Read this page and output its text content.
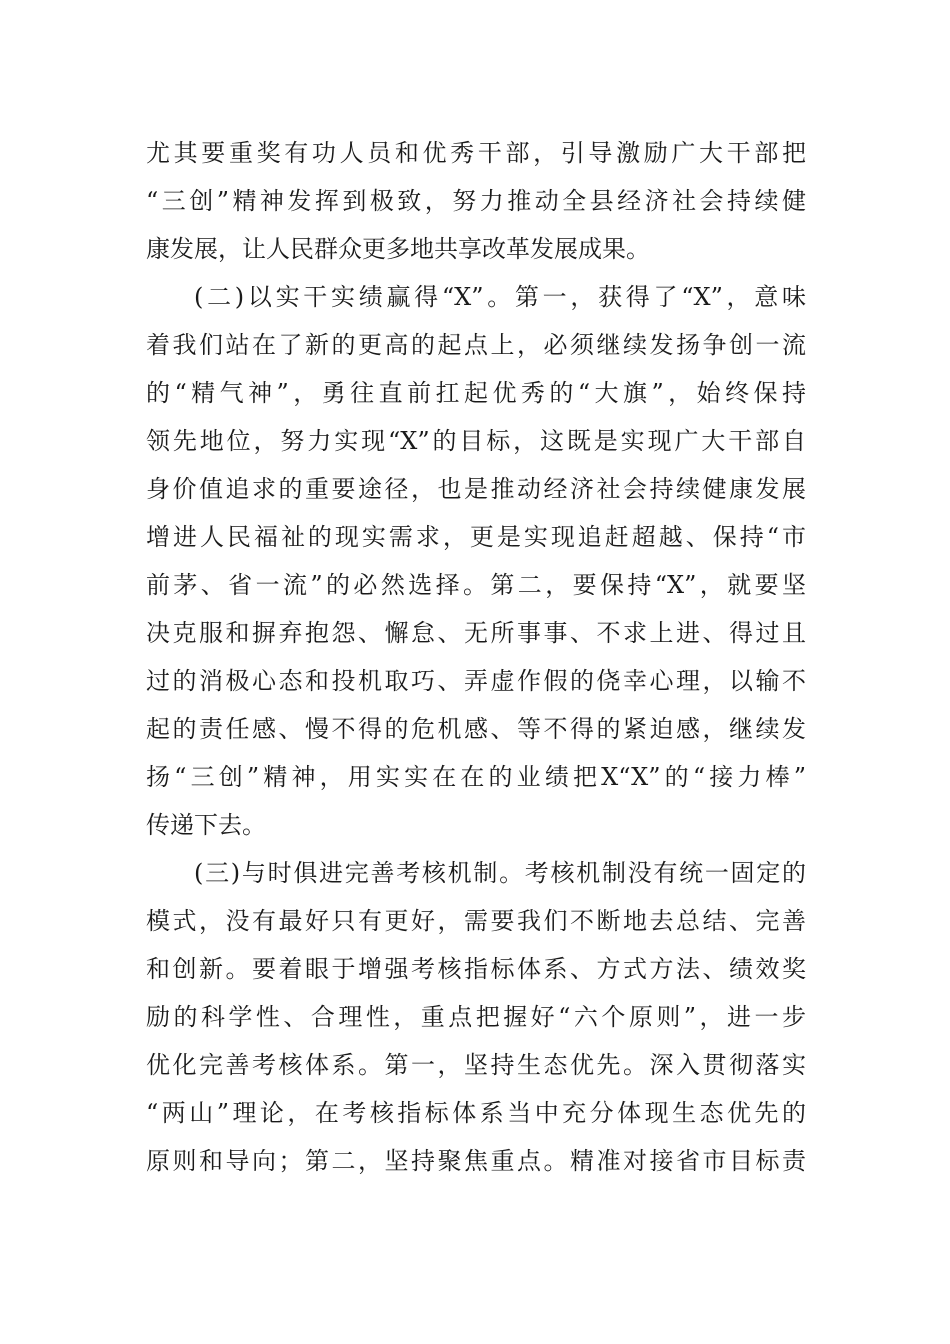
尤其要重奖有功人员和优秀干部，引导激励广大干部把
“三创”精神发挥到极致，努力推动全县经济社会持续健
康发展，让人民群众更多地共享改革发展成果。
(二)以实干实绩赢得“X”。第一，获得了“X”，意味
着我们站在了新的更高的起点上，必须继续发扬争创一流
的“精气神”，勇往直前扛起优秀的“大旗”，始终保持
领先地位，努力实现“X”的目标，这既是实现广大干部自
身价值追求的重要途径，也是推动经济社会持续健康发展
增进人民福祉的现实需求，更是实现追赶超越、保持“市
前茅、省一流”的必然选择。第二，要保持“X”，就要坚
决克服和摒弃抱怨、懈怠、无所事事、不求上进、得过且
过的消极心态和投机取巧、弄虚作假的侥幸心理，以输不
起的责任感、慢不得的危机感、等不得的紧迫感，继续发
扬“三创”精神，用实实在在的业绩把X“X”的“接力棒”
传递下去。
(三)与时俱进完善考核机制。考核机制没有统一固定的
模式，没有最好只有更好，需要我们不断地去总结、完善
和创新。要着眼于增强考核指标体系、方式方法、绩效奖
励的科学性、合理性，重点把握好“六个原则”，进一步
优化完善考核体系。第一，坚持生态优先。深入贯彻落实
“两山”理论，在考核指标体系当中充分体现生态优先的
原则和导向；第二，坚持聚焦重点。精准对接省市目标责
